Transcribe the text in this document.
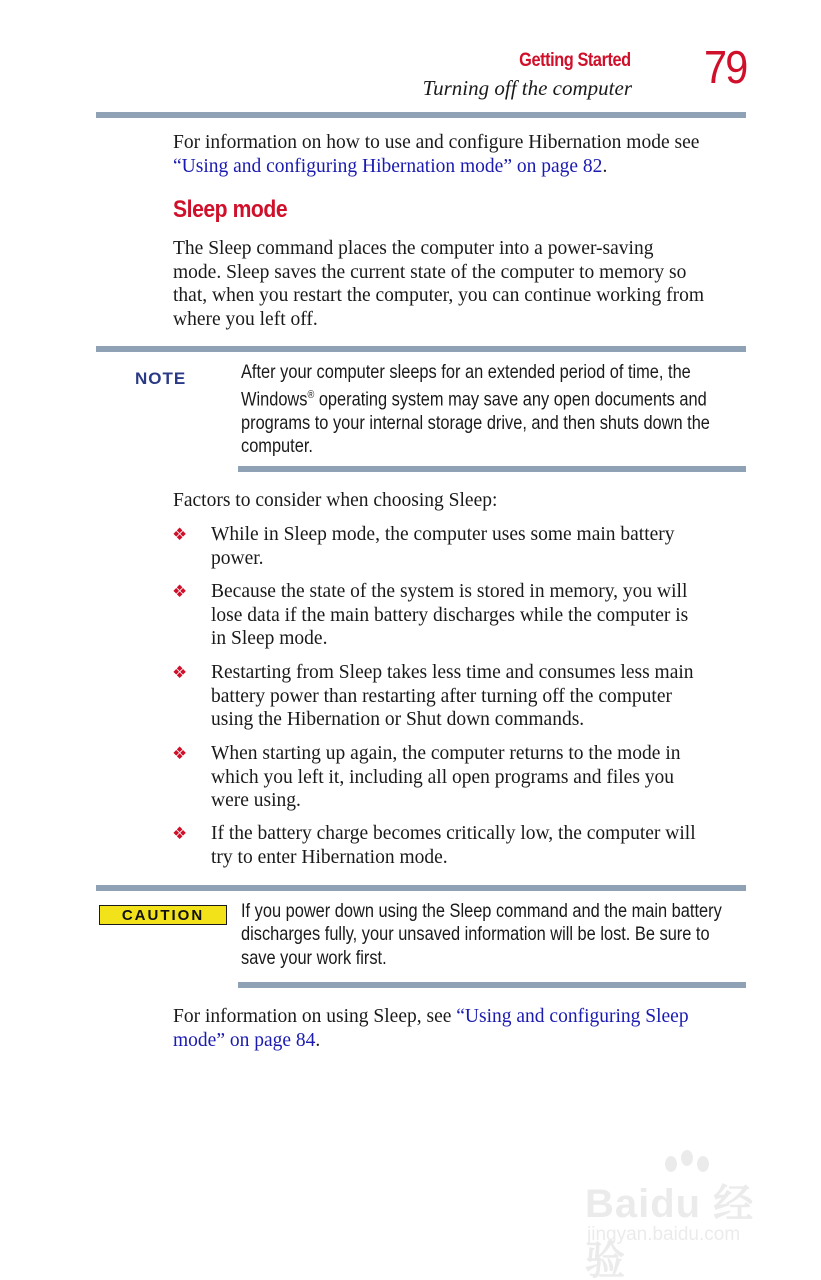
Getting Started
Turning off the computer 79
For information on how to use and configure Hibernation mode see “Using and configuring Hibernation mode” on page 82.
Sleep mode
The Sleep command places the computer into a power-saving
mode. Sleep saves the current state of the computer to memory so
that, when you restart the computer, you can continue working from
where you left off.
NOTE	After your computer sleeps for an extended period of time, the
Windows® operating system may save any open documents and
programs to your internal storage drive, and then shuts down the
computer.
Factors to consider when choosing Sleep:
❖ While in Sleep mode, the computer uses some main battery
power.
❖ Because the state of the system is stored in memory, you will
lose data if the main battery discharges while the computer is
in Sleep mode.
❖ Restarting from Sleep takes less time and consumes less main
battery power than restarting after turning off the computer
using the Hibernation or Shut down commands.
❖ When starting up again, the computer returns to the mode in
which you left it, including all open programs and files you
were using.
❖ If the battery charge becomes critically low, the computer will
try to enter Hibernation mode.
CAUTION If you power down using the Sleep command and the main battery
discharges fully, your unsaved information will be lost. Be sure to
save your work first.
For information on using Sleep, see “Using and configuring Sleep
mode” on page 84.
Baidu 经验
jingyan.baidu.com
